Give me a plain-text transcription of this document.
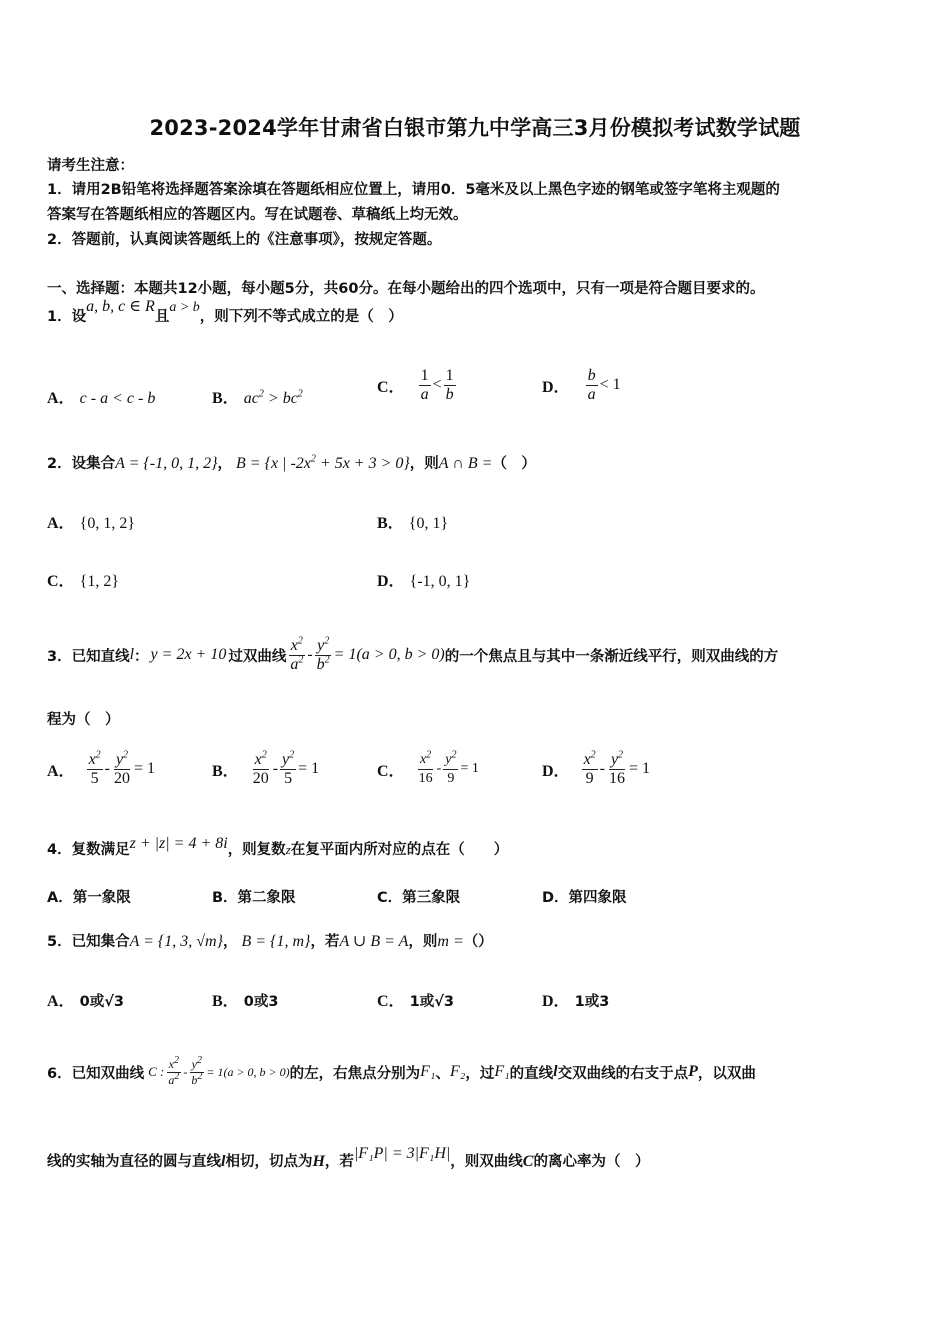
2023-2024学年甘肃省白银市第九中学高三3月份模拟考试数学试题
请考生注意：
1．请用2B铅笔将选择题答案涂填在答题纸相应位置上，请用0．5毫米及以上黑色字迹的钢笔或签字笔将主观题的
答案写在答题纸相应的答题区内。写在试题卷、草稿纸上均无效。
2．答题前，认真阅读答题纸上的《注意事项》，按规定答题。
一、选择题：本题共12小题，每小题5分，共60分。在每小题给出的四个选项中，只有一项是符合题目要求的。
1．设a, b, c ∈ R且a > b，则下列不等式成立的是（　）
A． c - a < c - b	B． $ac^2 > bc^2$	C． $\frac{1}{a} < \frac{1}{b}$	D． $\frac{b}{a} < 1$
2．设集合A = {-1, 0, 1, 2}， B = {x | $-2x^2 + 5x + 3 > 0$}，则A ∩ B =（　）
A． {0, 1, 2}	B． {0, 1}
C． {1, 2}	D． {-1, 0, 1}
3．已知直线 l ： y = 2x + 10 过双曲线 $\frac{x^2}{a^2} - \frac{y^2}{b^2} = 1(a > 0$, b > 0) 的一个焦点且与其中一条渐近线平行，则双曲线的方
程为（　）
A． $\frac{x^2}{5} - \frac{y^2}{20} = 1$	B． $\frac{x^2}{20} - \frac{y^2}{5} = 1$	C． $\frac{x^2}{16} - \frac{y^2}{9} = 1$	D． $\frac{x^2}{9} - \frac{y^2}{16} = 1$
4．复数满足z + |z| = 4 + 8i，则复数z在复平面内所对应的点在（　　）
A．第一象限	B．第二象限	C．第三象限	D．第四象限
5．已知集合A = {1, 3, √m}， B = {1, m}，若A ∪ B = A，则m =（）
A． 0或√3	B． 0或3	C． 1或√3	D． 1或3
6．已知双曲线 C : $\frac{x^2}{a^2} - \frac{y^2}{b^2} = 1(a > 0$, b > 0) 的左，右焦点分别为 F₁ 、 F₂ ，过 F₁ 的直线 l 交双曲线的右支于点 P ，以双曲
线的实轴为直径的圆与直线l相切，切点为H，若|F₁P| = 3|F₁H|，则双曲线C的离心率为（　）
